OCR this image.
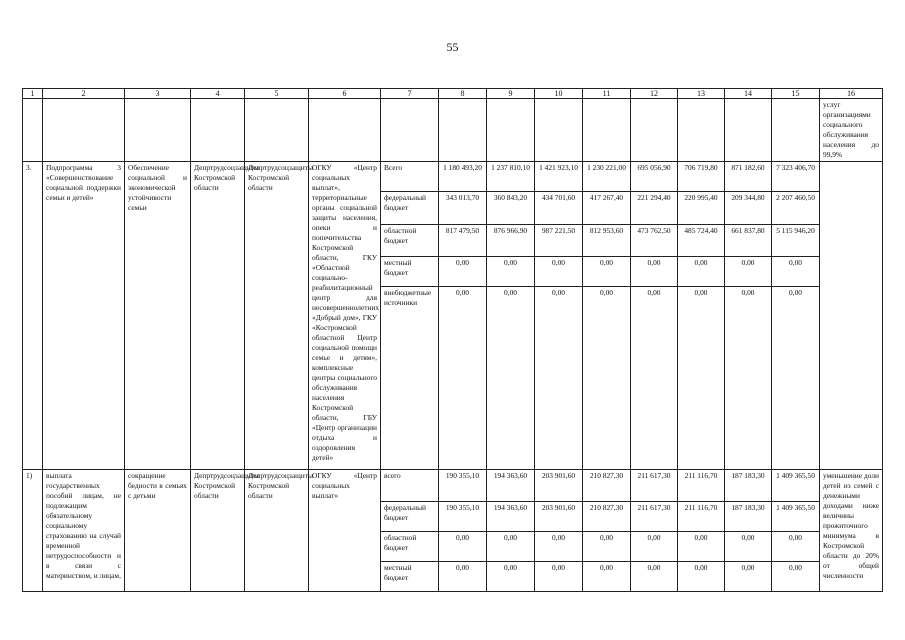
55
1	2	3	4	5	6	7	8	9	10	11	12	13	14	15	16
															услуг организациями социального обслуживания населения до 99,9%
3.	Подпрограмма 3 «Совершенствование социальной поддержки семьи и детей»	Обеспечение социальной и экономической устойчивости семьи	Депртрудсоцзащиты Костромской области	Депртрудсоцзащиты Костромской области	ОГКУ «Центр социальных выплат», территориальные органы социальной защиты населения, опеки и попечительства Костромской области, ГКУ «Областной социально-реабилитационный центр для несовершеннолетних «Добрый дом», ГКУ «Костромской областной Центр социальной помощи семье и детям», комплексные центры социального обслуживания населения Костромской области, ГБУ «Центр организации отдыха и оздоровления детей»	Всего	1 180 493,20	1 237 810,10	1 421 923,10	1 230 221,00	695 056,90	706 719,80	871 182,60	7 323 406,70	
						федеральный бюджет	343 013,70	360 843,20	434 701,60	417 267,40	221 294,40	220 995,40	209 344,80	2 207 460,50	
						областной бюджет	817 479,50	876 966,90	987 221,50	812 953,60	473 762,50	485 724,40	661 837,80	5 115 946,20	
						местный бюджет	0,00	0,00	0,00	0,00	0,00	0,00	0,00	0,00	
						внебюджетные источники	0,00	0,00	0,00	0,00	0,00	0,00	0,00	0,00	
1)	выплата государственных пособий лицам, не подлежащим обязательному социальному страхованию на случай временной нетрудоспособности и в связи с материнством, и лицам,	сокращение бедности в семьях с детьми	Депртрудсоцзащиты Костромской области	Депртрудсоцзащиты Костромской области	ОГКУ «Центр социальных выплат»	всего	190 355,10	194 363,60	203 901,60	210 827,30	211 617,30	211 116,70	187 183,30	1 409 365,50	уменьшение доли детей из семей с денежными доходами ниже величины прожиточного минимума в Костромской области до 20% от общей численности
						федеральный бюджет	190 355,10	194 363,60	203 901,60	210 827,30	211 617,30	211 116,70	187 183,30	1 409 365,50	
						областной бюджет	0,00	0,00	0,00	0,00	0,00	0,00	0,00	0,00	
						местный бюджет	0,00	0,00	0,00	0,00	0,00	0,00	0,00	0,00	
